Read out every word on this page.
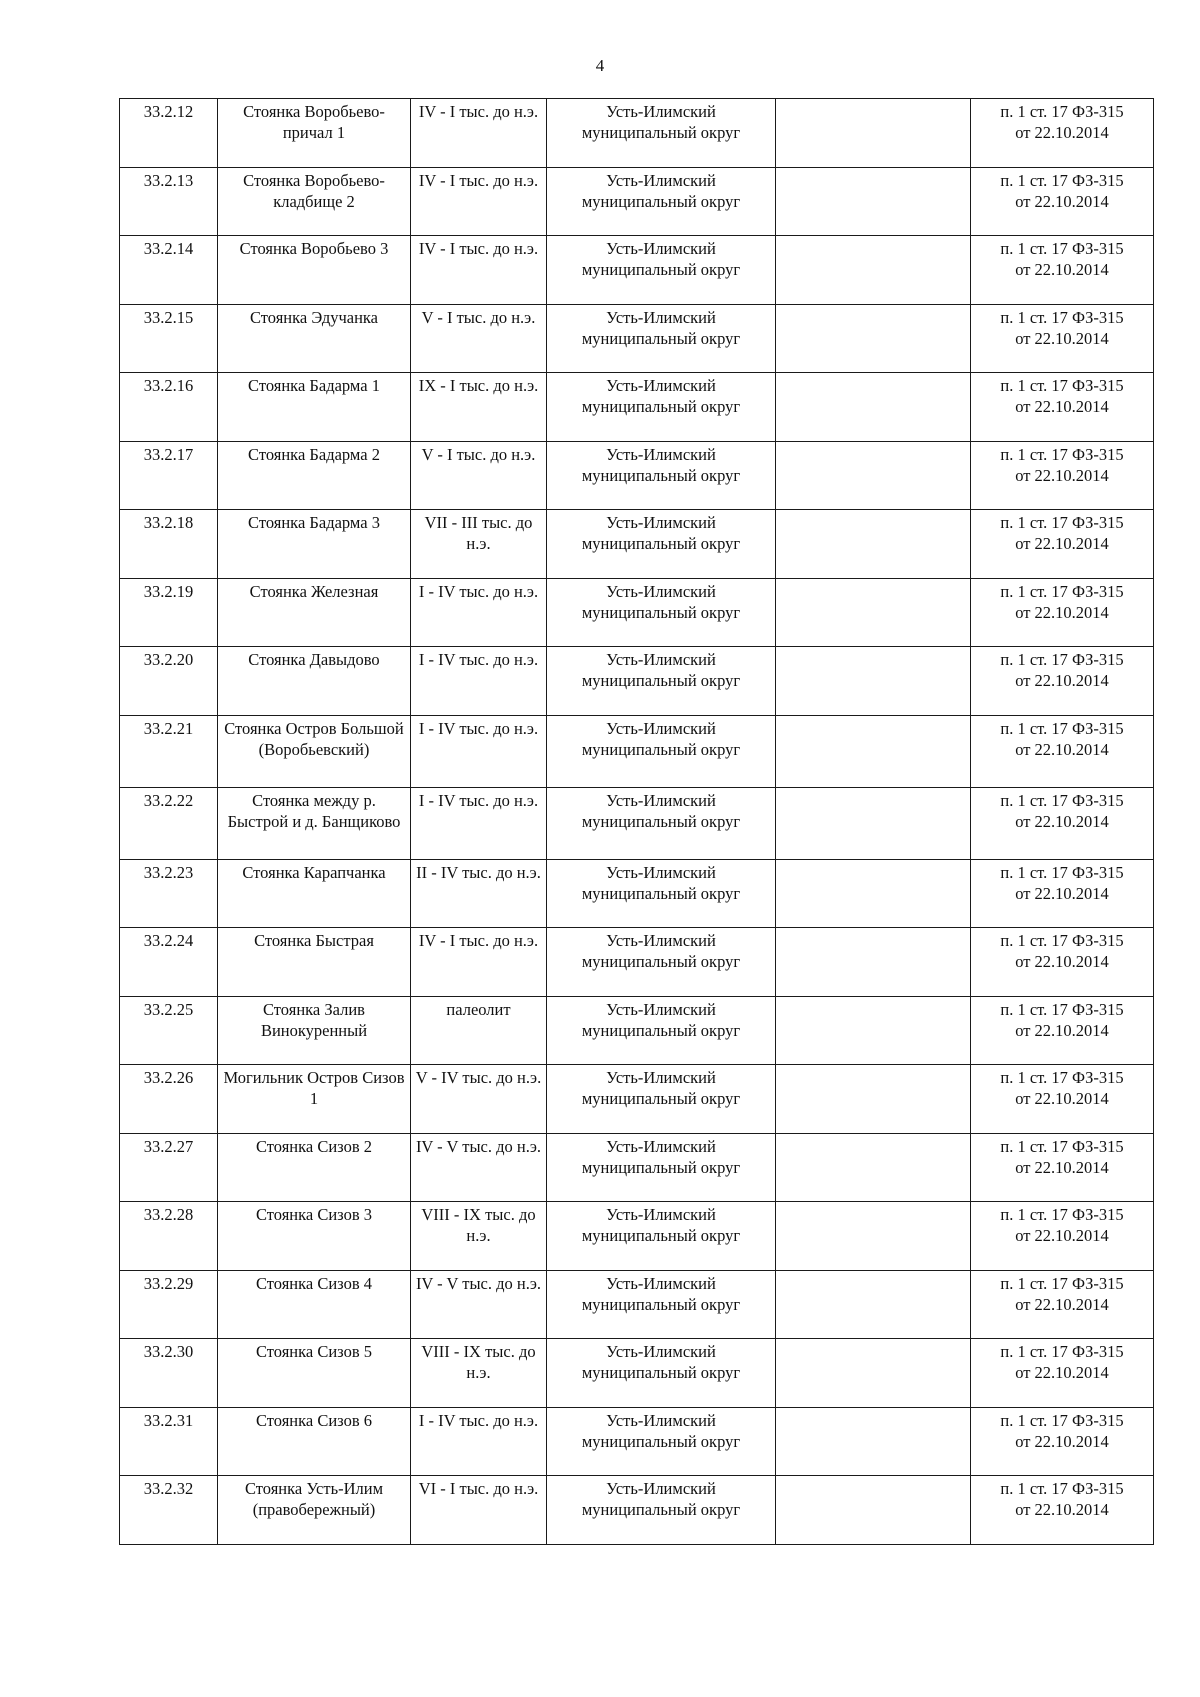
4
33.2.12	Стоянка Воробьево-причал 1	IV - I тыс. до н.э.	Усть-Илимский муниципальный округ		п. 1 ст. 17 ФЗ-315
от 22.10.2014

33.2.13	Стоянка Воробьево-кладбище 2	IV - I тыс. до н.э.	Усть-Илимский муниципальный округ		п. 1 ст. 17 ФЗ-315
от 22.10.2014

33.2.14	Стоянка Воробьево 3	IV - I тыс. до н.э.	Усть-Илимский муниципальный округ		п. 1 ст. 17 ФЗ-315
от 22.10.2014

33.2.15	Стоянка Эдучанка	V - I тыс. до н.э.	Усть-Илимский муниципальный округ		п. 1 ст. 17 ФЗ-315
от 22.10.2014

33.2.16	Стоянка Бадарма 1	IX - I тыс. до н.э.	Усть-Илимский муниципальный округ		п. 1 ст. 17 ФЗ-315
от 22.10.2014

33.2.17	Стоянка Бадарма 2	V - I тыс. до н.э.	Усть-Илимский муниципальный округ		п. 1 ст. 17 ФЗ-315
от 22.10.2014

33.2.18	Стоянка Бадарма 3	VII - III тыс. до н.э.	Усть-Илимский муниципальный округ		п. 1 ст. 17 ФЗ-315
от 22.10.2014

33.2.19	Стоянка Железная	I - IV тыс. до н.э.	Усть-Илимский муниципальный округ		п. 1 ст. 17 ФЗ-315
от 22.10.2014

33.2.20	Стоянка Давыдово	I - IV тыс. до н.э.	Усть-Илимский муниципальный округ		п. 1 ст. 17 ФЗ-315
от 22.10.2014

33.2.21	Стоянка Остров Большой (Воробьевский)	I - IV тыс. до н.э.	Усть-Илимский муниципальный округ		п. 1 ст. 17 ФЗ-315
от 22.10.2014

33.2.22	Стоянка между р. Быстрой и д. Банщиково	I - IV тыс. до н.э.	Усть-Илимский муниципальный округ		п. 1 ст. 17 ФЗ-315
от 22.10.2014

33.2.23	Стоянка Карапчанка	II - IV тыс. до н.э.	Усть-Илимский муниципальный округ		п. 1 ст. 17 ФЗ-315
от 22.10.2014

33.2.24	Стоянка Быстрая	IV - I тыс. до н.э.	Усть-Илимский муниципальный округ		п. 1 ст. 17 ФЗ-315
от 22.10.2014

33.2.25	Стоянка Залив Винокуренный	палеолит	Усть-Илимский муниципальный округ		п. 1 ст. 17 ФЗ-315
от 22.10.2014

33.2.26	Могильник Остров Сизов 1	V - IV тыс. до н.э.	Усть-Илимский муниципальный округ		п. 1 ст. 17 ФЗ-315
от 22.10.2014

33.2.27	Стоянка Сизов 2	IV - V тыс. до н.э.	Усть-Илимский муниципальный округ		п. 1 ст. 17 ФЗ-315
от 22.10.2014

33.2.28	Стоянка Сизов 3	VIII - IX тыс. до н.э.	Усть-Илимский муниципальный округ		п. 1 ст. 17 ФЗ-315
от 22.10.2014

33.2.29	Стоянка Сизов 4	IV - V тыс. до н.э.	Усть-Илимский муниципальный округ		п. 1 ст. 17 ФЗ-315
от 22.10.2014

33.2.30	Стоянка Сизов 5	VIII - IX тыс. до н.э.	Усть-Илимский муниципальный округ		п. 1 ст. 17 ФЗ-315
от 22.10.2014

33.2.31	Стоянка Сизов 6	I - IV тыс. до н.э.	Усть-Илимский муниципальный округ		п. 1 ст. 17 ФЗ-315
от 22.10.2014

33.2.32	Стоянка Усть-Илим (правобережный)	VI - I тыс. до н.э.	Усть-Илимский муниципальный округ		п. 1 ст. 17 ФЗ-315
от 22.10.2014
